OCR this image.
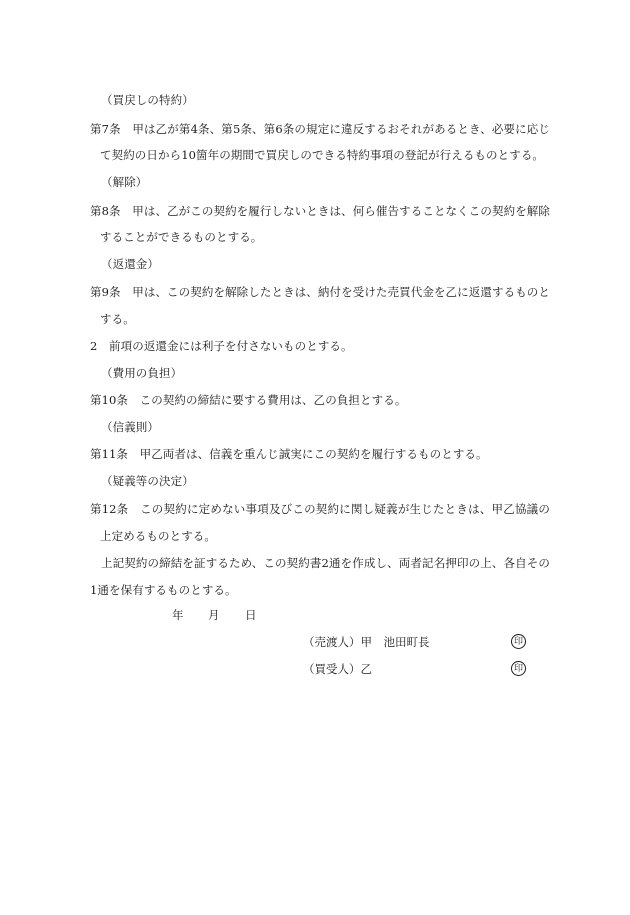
（買戻しの特約）
第7条　甲は乙が第4条、第5条、第6条の規定に違反するおそれがあるとき、必要に応じ
て契約の日から10箇年の期間で買戻しのできる特約事項の登記が行えるものとする。
（解除）
第8条　甲は、乙がこの契約を履行しないときは、何ら催告することなくこの契約を解除
することができるものとする。
（返還金）
第9条　甲は、この契約を解除したときは、納付を受けた売買代金を乙に返還するものと
する。
2　前項の返還金には利子を付さないものとする。
（費用の負担）
第10条　この契約の締結に要する費用は、乙の負担とする。
（信義則）
第11条　甲乙両者は、信義を重んじ誠実にこの契約を履行するものとする。
（疑義等の決定）
第12条　この契約に定めない事項及びこの契約に関し疑義が生じたときは、甲乙協議の
上定めるものとする。
上記契約の締結を証するため、この契約書2通を作成し、両者記名押印の上、各自その
1通を保有するものとする。
年 月 日
（売渡人）甲　池田町長	印
（買受人）乙	印
